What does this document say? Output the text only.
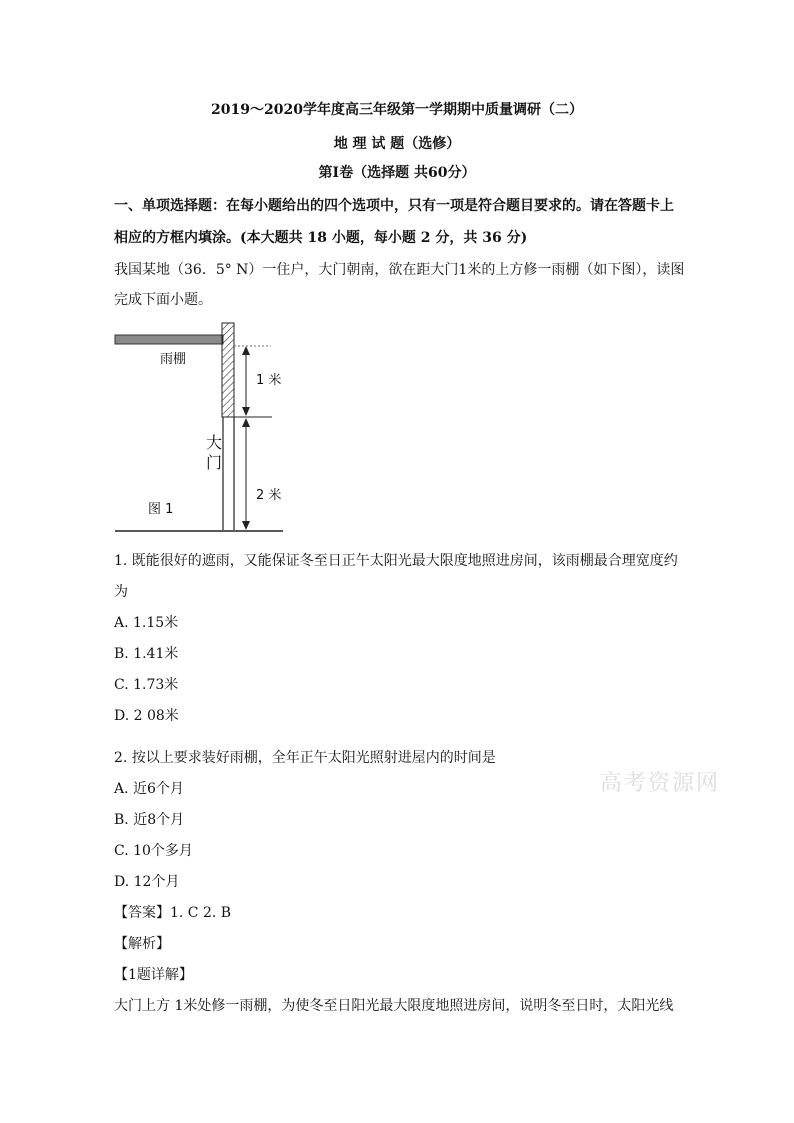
2019～2020学年度高三年级第一学期期中质量调研（二）
地 理 试 题（选修）
第Ⅰ卷（选择题 共60分）
一、单项选择题：在每小题给出的四个选项中，只有一项是符合题目要求的。请在答题卡上
相应的方框内填涂。(本大题共 18 小题，每小题 2 分，共 36 分)
我国某地（36．5° N）一住户，大门朝南，欲在距大门1米的上方修一雨棚（如下图），读图
完成下面小题。
雨棚
大
门
1 米
2 米
图 1
1. 既能很好的遮雨，又能保证冬至日正午太阳光最大限度地照进房间，该雨棚最合理宽度约
为
A. 1.15米
B. 1.41米
C. 1.73米
D. 2 08米
2. 按以上要求装好雨棚，全年正午太阳光照射进屋内的时间是
A. 近6个月
B. 近8个月
C. 10个多月
D. 12个月
【答案】1. C 2. B
【解析】
【1题详解】
大门上方 1米处修一雨棚，为使冬至日阳光最大限度地照进房间，说明冬至日时，太阳光线
高考资源网
